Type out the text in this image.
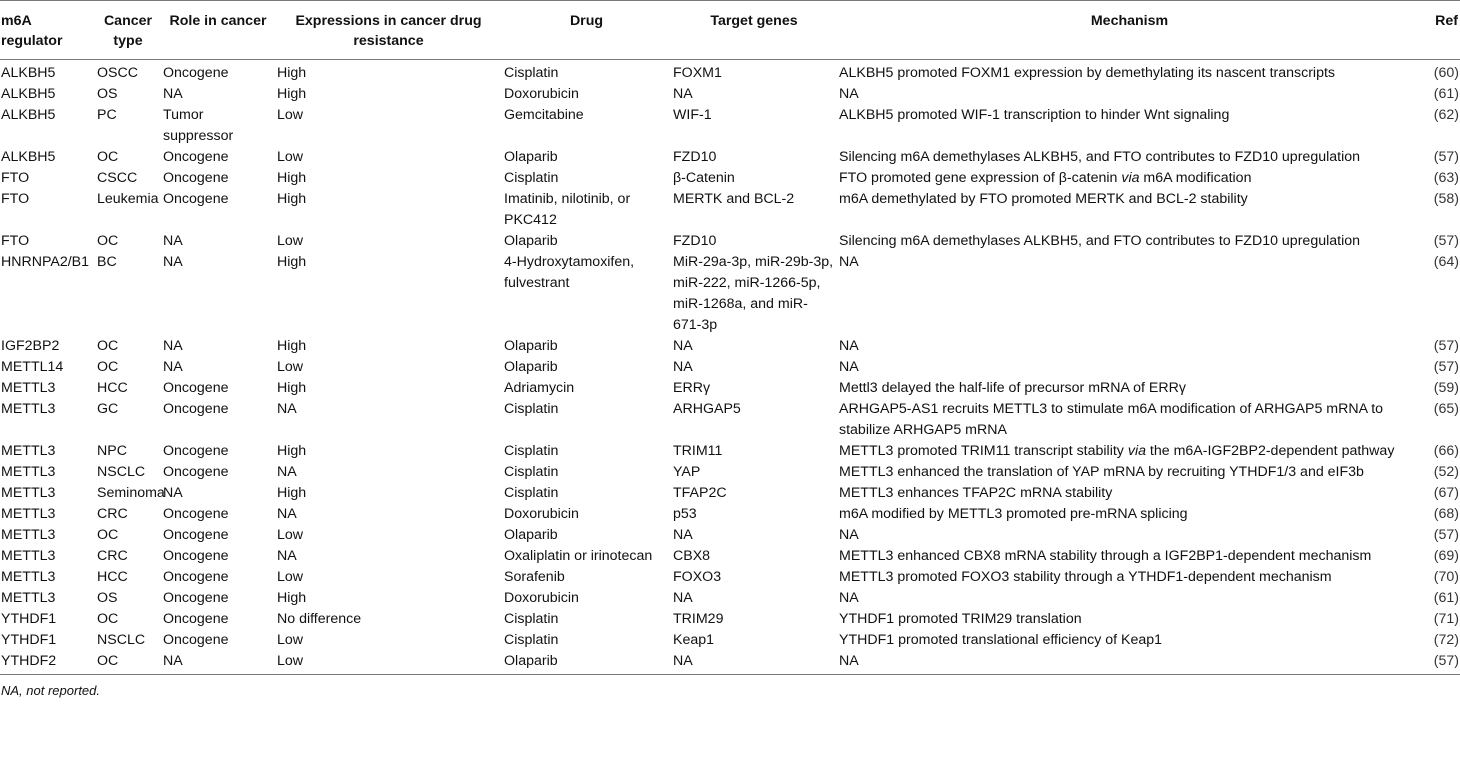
m6A regulator	Cancer type	Role in cancer	Expressions in cancer drug resistance	Drug	Target genes	Mechanism	Ref
ALKBH5	OSCC	Oncogene	High	Cisplatin	FOXM1	ALKBH5 promoted FOXM1 expression by demethylating its nascent transcripts	(60)
ALKBH5	OS	NA	High	Doxorubicin	NA	NA	(61)
ALKBH5	PC	Tumor suppressor	Low	Gemcitabine	WIF-1	ALKBH5 promoted WIF-1 transcription to hinder Wnt signaling	(62)
ALKBH5	OC	Oncogene	Low	Olaparib	FZD10	Silencing m6A demethylases ALKBH5, and FTO contributes to FZD10 upregulation	(57)
FTO	CSCC	Oncogene	High	Cisplatin	β-Catenin	FTO promoted gene expression of β-catenin via m6A modification	(63)
FTO	Leukemia	Oncogene	High	Imatinib, nilotinib, or PKC412	MERTK and BCL-2	m6A demethylated by FTO promoted MERTK and BCL-2 stability	(58)
FTO	OC	NA	Low	Olaparib	FZD10	Silencing m6A demethylases ALKBH5, and FTO contributes to FZD10 upregulation	(57)
HNRNPA2/B1	BC	NA	High	4-Hydroxytamoxifen, fulvestrant	MiR-29a-3p, miR-29b-3p, miR-222, miR-1266-5p, miR-1268a, and miR-671-3p	NA	(64)
IGF2BP2	OC	NA	High	Olaparib	NA	NA	(57)
METTL14	OC	NA	Low	Olaparib	NA	NA	(57)
METTL3	HCC	Oncogene	High	Adriamycin	ERRγ	Mettl3 delayed the half-life of precursor mRNA of ERRγ	(59)
METTL3	GC	Oncogene	NA	Cisplatin	ARHGAP5	ARHGAP5-AS1 recruits METTL3 to stimulate m6A modification of ARHGAP5 mRNA to stabilize ARHGAP5 mRNA	(65)
METTL3	NPC	Oncogene	High	Cisplatin	TRIM11	METTL3 promoted TRIM11 transcript stability via the m6A-IGF2BP2-dependent pathway	(66)
METTL3	NSCLC	Oncogene	NA	Cisplatin	YAP	METTL3 enhanced the translation of YAP mRNA by recruiting YTHDF1/3 and eIF3b	(52)
METTL3	Seminoma	NA	High	Cisplatin	TFAP2C	METTL3 enhances TFAP2C mRNA stability	(67)
METTL3	CRC	Oncogene	NA	Doxorubicin	p53	m6A modified by METTL3 promoted pre-mRNA splicing	(68)
METTL3	OC	Oncogene	Low	Olaparib	NA	NA	(57)
METTL3	CRC	Oncogene	NA	Oxaliplatin or irinotecan	CBX8	METTL3 enhanced CBX8 mRNA stability through a IGF2BP1-dependent mechanism	(69)
METTL3	HCC	Oncogene	Low	Sorafenib	FOXO3	METTL3 promoted FOXO3 stability through a YTHDF1-dependent mechanism	(70)
METTL3	OS	Oncogene	High	Doxorubicin	NA	NA	(61)
YTHDF1	OC	Oncogene	No difference	Cisplatin	TRIM29	YTHDF1 promoted TRIM29 translation	(71)
YTHDF1	NSCLC	Oncogene	Low	Cisplatin	Keap1	YTHDF1 promoted translational efficiency of Keap1	(72)
YTHDF2	OC	NA	Low	Olaparib	NA	NA	(57)
NA, not reported.
